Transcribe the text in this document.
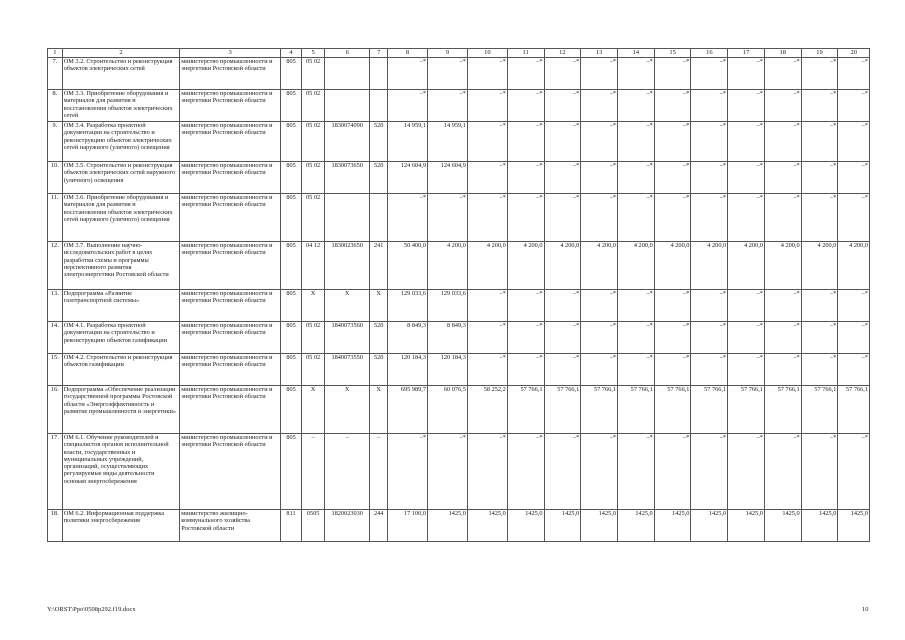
1	2	3	4	5	6	7	8	9	10	11	12	13	14	15	16	17	18	19	20
7.	ОМ 3.2. Строительство и реконструкция объектов электрических сетей	министерство промышленности и энергетики Ростовской области	805	05 02			–*	–*	–*	–*	–*	–*	–*	–*	–*	–*	–*	–*	–*
8.	ОМ 3.3. Приобретение оборудования и материалов для развития и восстановления объектов электрических сетей	министерство промышленности и энергетики Ростовской области	805	05 02			–*	–*	–*	–*	–*	–*	–*	–*	–*	–*	–*	–*	–*
9.	ОМ 3.4. Разработка проектной документации на строительство и реконструкцию объектов электрических сетей наружного (уличного) освещения	министерство промышленности и энергетики Ростовской области	805	05 02	1830074090	520	14 959,1	14 959,1	–*	–*	–*	–*	–*	–*	–*	–*	–*	–*	–*
10.	ОМ 3.5. Строительство и реконструкция объектов электрических сетей наружного (уличного) освещения	министерство промышленности и энергетики Ростовской области	805	05 02	1830073650	520	124 604,9	124 604,9	–*	–*	–*	–*	–*	–*	–*	–*	–*	–*	–*
11.	ОМ 3.6. Приобретение оборудования и материалов для развития и восстановления объектов электрических сетей наружного (уличного) освещения	министерство промышленности и энергетики Ростовской области	805	05 02			–*	–*	–*	–*	–*	–*	–*	–*	–*	–*	–*	–*	–*
12.	ОМ 3.7. Выполнение научно-исследовательских работ в целях разработки схемы и программы перспективного развития электроэнергетики Ростовской области	министерство промышленности и энергетики Ростовской области	805	04 12	1830023650	241	50 400,0	4 200,0	4 200,0	4 200,0	4 200,0	4 200,0	4 200,0	4 200,0	4 200,0	4 200,0	4 200,0	4 200,0	4 200,0
13.	Подпрограмма «Развитие газотранспортной системы»	министерство промышленности и энергетики Ростовской области	805	Х	Х	Х	129 033,6	129 033,6	–*	–*	–*	–*	–*	–*	–*	–*	–*	–*	–*
14.	ОМ 4.1. Разработка проектной документации на строительство и реконструкцию объектов газификации	министерство промышленности и энергетики Ростовской области	805	05 02	1840073560	520	8 849,3	8 849,3	–*	–*	–*	–*	–*	–*	–*	–*	–*	–*	–*
15.	ОМ 4.2. Строительство и реконструкция объектов газификации	министерство промышленности и энергетики Ростовской области	805	05 02	1840073550	520	120 184,3	120 184,3	–*	–*	–*	–*	–*	–*	–*	–*	–*	–*	–*
16.	Подпрограмма «Обеспечение реализации государственной программы Ростовской области «Энергоэффективность и развитие промышленности и энергетики»	министерство промышленности и энергетики Ростовской области	805	Х	Х	Х	695 989,7	60 076,5	58 252,2	57 766,1	57 766,1	57 766,1	57 766,1	57 766,1	57 766,1	57 766,1	57 766,1	57 766,1	57 766,1
17.	ОМ 6.1. Обучение руководителей и специалистов органов исполнительной власти, государственных и муниципальных учреждений, организаций, осуществляющих регулируемые виды деятельности основам энергосбережения	министерство промышленности и энергетики Ростовской области	805	–	–	–	–*	–*	–*	–*	–*	–*	–*	–*	–*	–*	–*	–*	–*
18.	ОМ 6.2. Информационная поддержка политики энергосбережения	министерство жилищно-коммунального хозяйства Ростовской области	811	0505	1820023030	244	17 100,0	1425,0	1425,0	1425,0	1425,0	1425,0	1425,0	1425,0	1425,0	1425,0	1425,0	1425,0	1425,0
Y:\ORST\Ppo\0508p292.f19.docx	10
